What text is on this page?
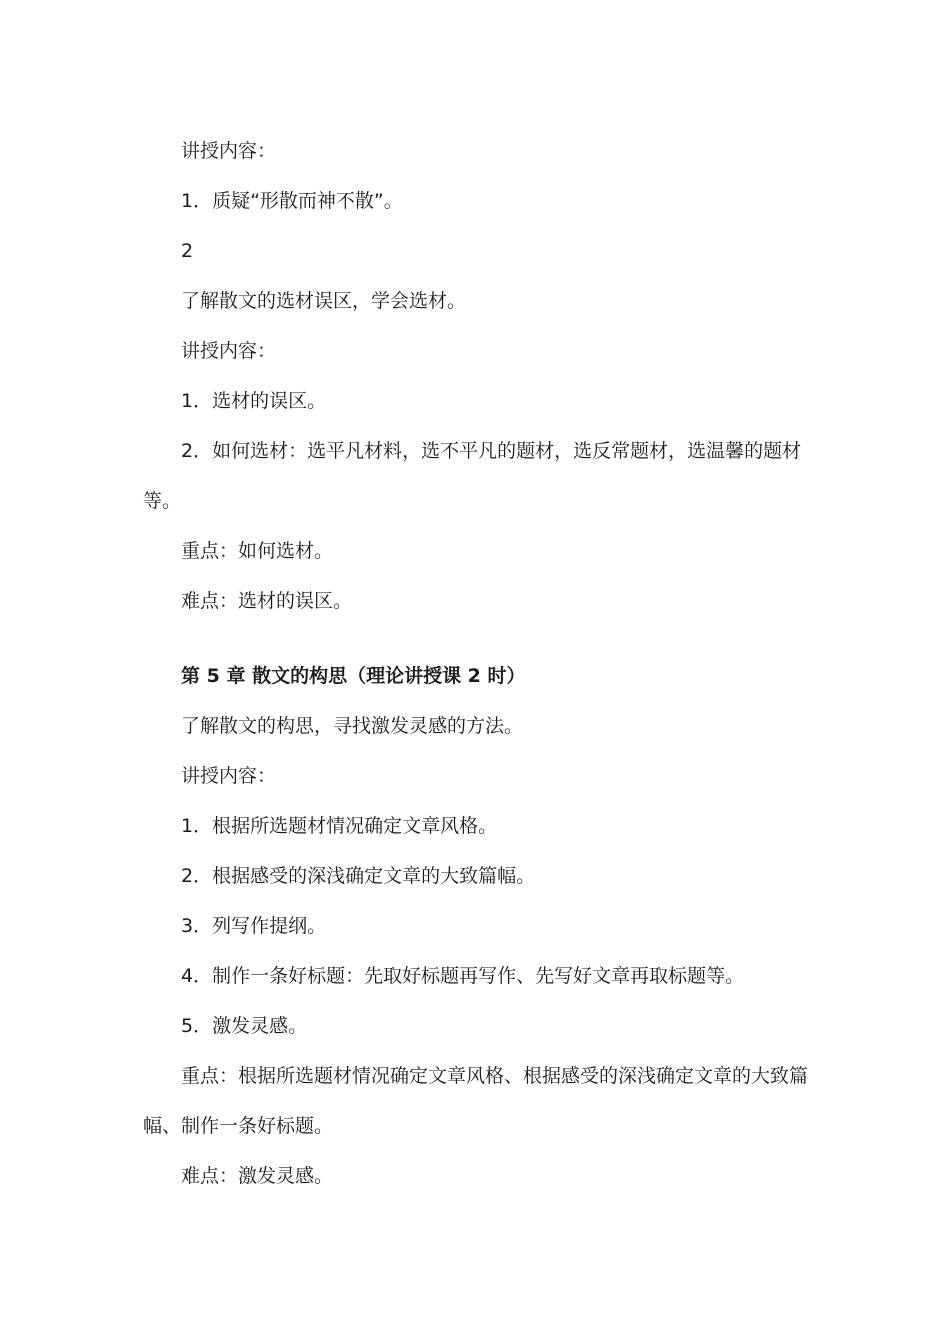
讲授内容：

1．质疑“形散而神不散”。

2

了解散文的选材误区，学会选材。

讲授内容：

1．选材的误区。

2．如何选材：选平凡材料，选不平凡的题材，选反常题材，选温馨的题材等。

重点：如何选材。

难点：选材的误区。

第 5 章 散文的构思（理论讲授课 2 时）

了解散文的构思，寻找激发灵感的方法。

讲授内容：

1．根据所选题材情况确定文章风格。

2．根据感受的深浅确定文章的大致篇幅。

3．列写作提纲。

4．制作一条好标题：先取好标题再写作、先写好文章再取标题等。

5．激发灵感。

重点：根据所选题材情况确定文章风格、根据感受的深浅确定文章的大致篇幅、制作一条好标题。

难点：激发灵感。
